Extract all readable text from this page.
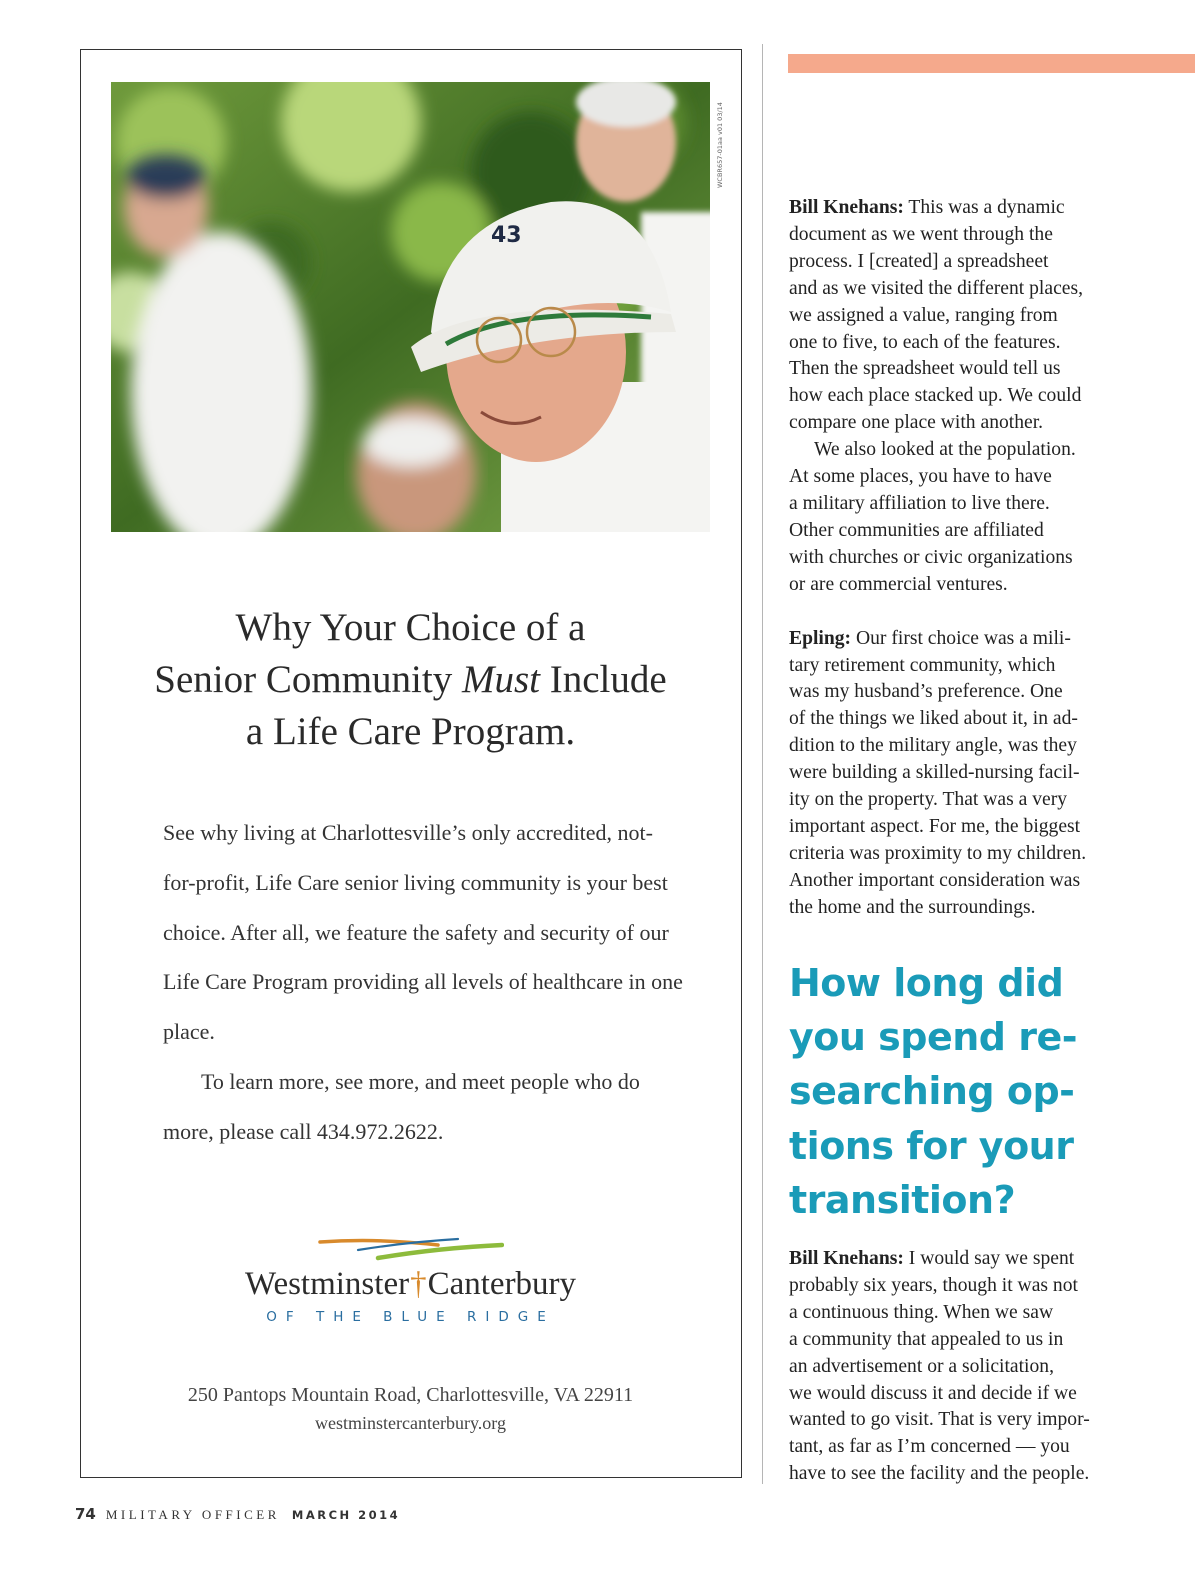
43
WCBR657-01aa v01 03/14
Why Your Choice of a
Senior Community Must Include
a Life Care Program.

See why living at Charlottesville’s only accredited, not-for-profit, Life Care senior living community is your best choice. After all, we feature the safety and security of our Life Care Program providing all levels of healthcare in one place.

To learn more, see more, and meet people who do more, please call 434.972.2622.

Westminster†Canterbury
OF THE BLUE RIDGE
250 Pantops Mountain Road, Charlottesville, VA 22911
westminstercanterbury.org

Bill Knehans: This was a dynamic

document as we went through the

process. I [created] a spreadsheet

and as we visited the different places,

we assigned a value, ranging from

one to five, to each of the features.

Then the spreadsheet would tell us

how each place stacked up. We could

compare one place with another.

We also looked at the population.

At some places, you have to have

a military affiliation to live there.

Other communities are affiliated

with churches or civic organizations

or are commercial ventures.

Epling: Our first choice was a mili-

tary retirement community, which

was my husband’s preference. One

of the things we liked about it, in ad-

dition to the military angle, was they

were building a skilled-nursing facil-

ity on the property. That was a very

important aspect. For me, the biggest

criteria was proximity to my children.

Another important consideration was

the home and the surroundings.

How long did
you spend re-
searching op-
tions for your
transition?

Bill Knehans: I would say we spent

probably six years, though it was not

a continuous thing. When we saw

a community that appealed to us in

an advertisement or a solicitation,

we would discuss it and decide if we

wanted to go visit. That is very impor-

tant, as far as I’m concerned — you

have to see the facility and the people.

74 MILITARY OFFICER MARCH 2014
